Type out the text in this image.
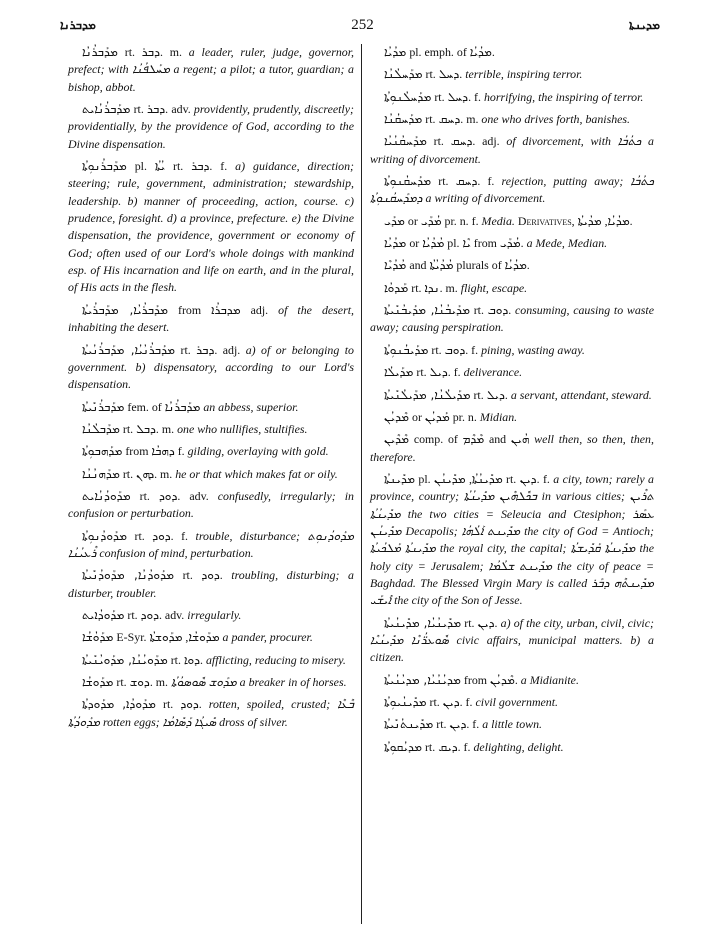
ܡܕܒܪܢܐ	252	ܡܕܝܢܬܐ

ܡܕܰܒܪܳܢܳܐ rt. ܕܒܪ. m. a leader, ruler, judge, governor, prefect; with ܡܚܰܠܦܳܢܳܐ a regent; a pilot; a tutor, guardian; a bishop, abbot.

ܡܕܰܒܪܳܢܳܐܝܬ rt. ܕܒܪ. adv. providently, prudently, discreetly; providentially, by the providence of God, according to the Divine dispensation.

ܡܕܰܒܪܳܢܘܼܬܳܐ pl. ܝܳܬܳܐ rt. ܕܒܪ. f. a) guidance, direction; steering; rule, government, administration; stewardship, leadership. b) manner of proceeding, action, course. c) prudence, foresight. d) a province, prefecture. e) the Divine dispensation, the providence, government or economy of God; often used of our Lord's whole doings with mankind esp. of His incarnation and life on earth, and in the plural, of His acts in the flesh.

ܡܕܰܒܪܳܝܳܐ, ܡܕܰܒܪܳܝܬܳܐ from ܡܕܒܪܳܐ adj. of the desert, inhabiting the desert.

ܡܕܰܒܪܳܢܳܝܳܐ, ܡܕܰܒܪܳܢܳܝܬܳܐ rt. ܕܒܪ. adj. a) of or belonging to government. b) dispensatory, according to our Lord's dispensation.

ܡܕܰܒܪܳܢܺܝܬܳܐ fem. of ܡܕܰܒܪܳܢܳܐ an abbess, superior.

ܡܕܰܒܠܳܢܳܐ rt. ܕܒܠ. m. one who nullifies, stultifies.

ܡܕܰܗܒܘܼܬܳܐ from ܕܗܒܳܐ f. gilding, overlaying with gold.

ܡܕܰܗܢܳܢܳܐ rt. ܕܗܢ. m. he or that which makes fat or oily.

ܡܕܰܘܕܳܢܳܐܝܬ rt. ܕܘܕ. adv. confusedly, irregularly; in confusion or perturbation.

ܡܕܰܘܕܳܢܘܼܬܳܐ rt. ܕܘܕ. f. trouble, disturbance; ܡܕܰܘܕܳܢܘܼܬ ܪܶܥܝܳܢܳܐ confusion of mind, perturbation.

ܡܕܰܘܕܳܢܳܐ, ܡܕܰܘܕܳܢܺܝܬܳܐ rt. ܕܘܕ. troubling, disturbing; a disturber, troubler.

ܡܕܰܘܕܳܐܝܬ rt. ܕܘܕ. adv. irregularly.

ܡܕܰܘܳܫܳܐ E-Syr. ܡܕܰܘܫܳܐ, ܡܕܰܘܫܬܳܐ a pander, procurer.

ܡܕܰܘܝܳܢܳܐ, ܡܕܰܘܝܳܢܺܝܬܳܐ rt. ܕܘܐ. afflicting, reducing to misery.

ܡܕܰܘܫܳܐ rt. ܕܘܫ. m. ܡܕܰܘܫ ܣܽܘܣܘܳܬܳܐ a breaker in of horses.

ܡܕܰܘܕܳܐ, ܡܕܰܘܕܬܳܐ rt. ܕܘܕ. rotten, spoiled, crusted; ܒܶܥܶܐ ܡܕܰܘܕܳܬܳܐ rotten eggs; ܣܺܝܓܳܐ ܕܰܣܺܐܡܳܐ dross of silver.

ܡܕܳܝܳܐ pl. emph. of ܡܕܳܝܳܐ.

ܡܕܰܚܠܳܢܳܐ rt. ܕܚܠ. terrible, inspiring terror.

ܡܕܰܚܠܳܢܘܼܬܳܐ rt. ܕܚܠ. f. horrifying, the inspiring of terror.

ܡܕܰܚܩܳܢܳܐ rt. ܕܚܩ. m. one who drives forth, banishes.

ܡܕܰܚܩܳܢܳܝܳܐ rt. ܕܚܩ. adj. of divorcement, with ܟܬܳܒܳܐ a writing of divorcement.

ܡܕܰܚܩܳܢܘܼܬܳܐ rt. ܕܚܩ. f. rejection, putting away; ܟܬܳܒܳܐ ܕܡܕܰܚܩܳܢܘܼܬܳܐ a writing of divorcement.

ܡܕܰܝ or ܡܳܕܰܝ pr. n. f. Media. Derivatives, ܡܕܳܝܳܐ, ܡܕܳܝܬܳܐ.

ܡܕܳܝܳܐ or ܡܳܕܳܝܳܐ pl. ܝܶܐ from ܡܳܕܰܝ. a Mede, Median.

ܡܳܕܳܝܶܐ and ܡܳܕܳܝܳܬܳܐ plurals of ܡܕܳܝܳܐ.

ܡܰܕܘܳܐ rt. ܢܕܐ. m. flight, escape.

ܡܕܰܝܒܳܢܳܐ, ܡܕܰܝܒܳܢܺܝܬܳܐ rt. ܕܘܒ. consuming, causing to waste away; causing perspiration.

ܡܕܰܝܒܳܢܘܼܬܳܐ rt. ܕܘܒ. f. pining, wasting away.

ܡܕܰܝܠܳܐ rt. ܕܝܠ. f. deliverance.

ܡܕܰܝܠܳܢܳܐ, ܡܕܰܝܠܳܢܺܝܬܳܐ rt. ܕܝܠ. a servant, attendant, steward.

ܡܶܕܝܳܢ or ܡܰܕܝܳܢ pr. n. Midian.

ܡܶܕܶܝܢ comp. of ܡܶܕܶܡ and ܗܳܝܢ well then, so then, then, therefore.

ܡܕܺܝܢܬܳܐ pl. ܡܕܺܝܢܳܬܳܐ, ܡܕܺܝܢܳܢ rt. ܕܝܢ. f. a city, town; rarely a province, country; ܒܟܽܠܗܶܝܢ ܡܕܺܝܢܳܬܳܐ in various cities; ܬܪܶܝܢ ܡܕܺܝܢܳܬܳܐ the two cities = Seleucia and Ctesiphon; ܥܣܰܪ ܡܕܺܝܢܳܢ Decapolis; ܡܕܺܝܢܬ ܐܰܠܳܗܳܐ the city of God = Antioch; ܡܕܺܝܢܬܳܐ ܡܰܠܟܳܝܬܳܐ the royal city, the capital; ܡܕܺܝܢܬܳܐ ܩܰܕܺܝܫܬܳܐ the holy city = Jerusalem; ܡܕܺܝܢܬ ܫܠܳܡܳܐ the city of peace = Baghdad. The Blessed Virgin Mary is called ܡܕܺܝܢܬܶܗ ܕܒܰܪ ܐܺܝܫܰܝ the city of the Son of Jesse.

ܡܕܺܝܢܳܝܳܐ, ܡܕܺܝܢܳܝܬܳܐ rt. ܕܝܢ. a) of the city, urban, civil, civic; ܣܽܘܥܪ̈ܳܢܶܐ ܡܕܺܝܢܳܝܶܐ civic affairs, municipal matters. b) a citizen.

ܡܕܝܳܢܳܝܳܐ, ܡܕܝܳܢܳܝܬܳܐ from ܡܶܕܝܳܢ. a Midianite.

ܡܕܺܝܢܳܝܘܼܬܳܐ rt. ܕܝܢ. f. civil government.

ܡܕܺܝܢܬܳܢܺܝܬܳܐ rt. ܕܝܢ. f. a little town.

ܡܕܝܳܩܘܼܬܳܐ rt. ܕܝܩ. f. delighting, delight.
